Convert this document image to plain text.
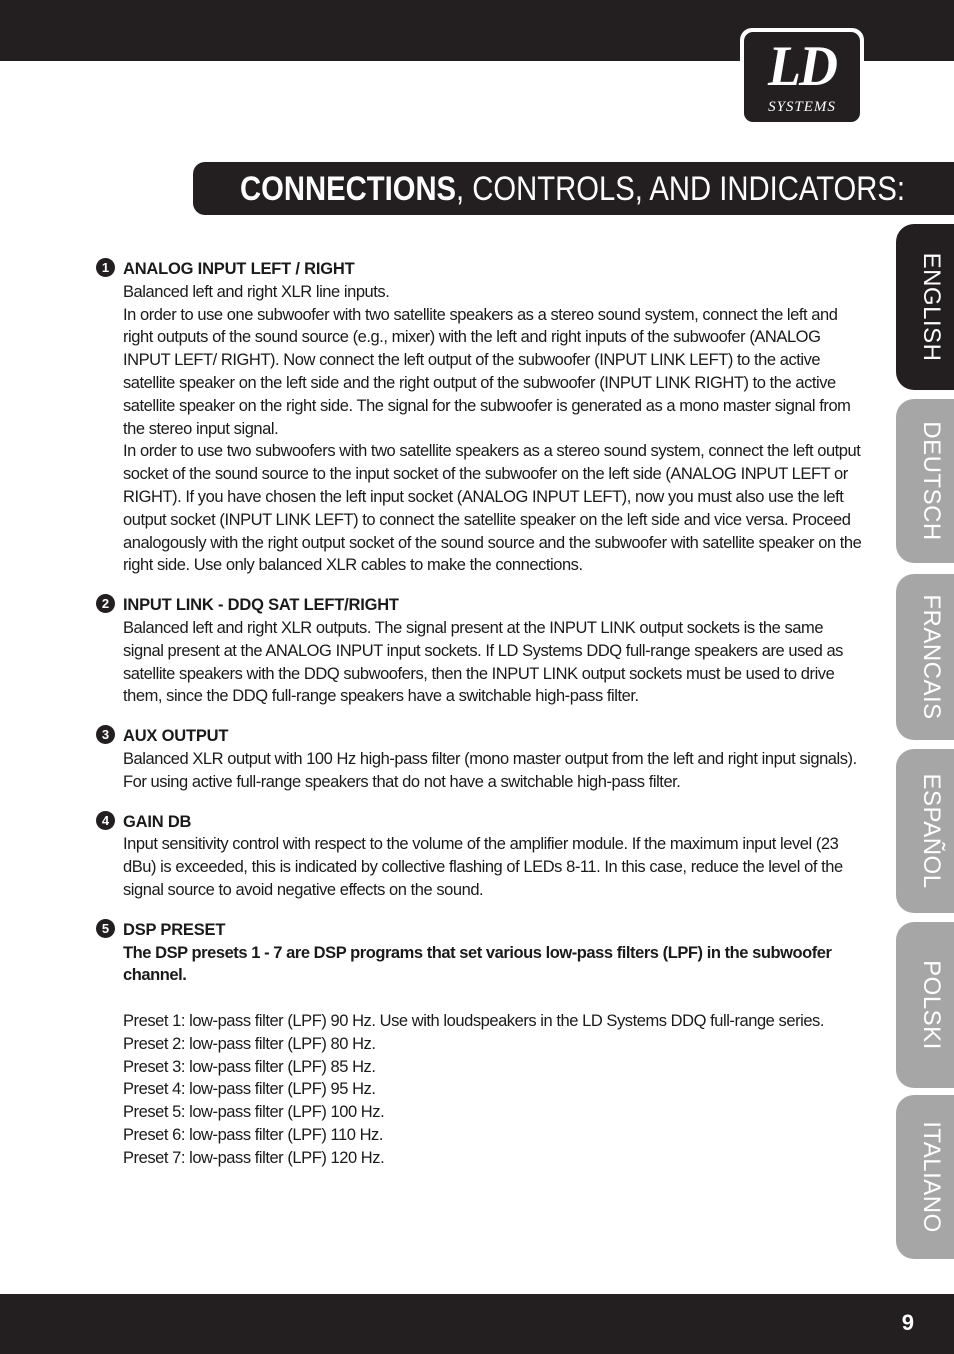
LD
SYSTEMS
CONNECTIONS, CONTROLS, AND INDICATORS:
ENGLISH
DEUTSCH
FRANCAIS
ESPAÑOL
POLSKI
ITALIANO
1 ANALOG INPUT LEFT / RIGHT

Balanced left and right XLR line inputs.

In order to use one subwoofer with two satellite speakers as a stereo sound system, connect the left and right outputs of the sound source (e.g., mixer) with the left and right inputs of the subwoofer (ANALOG INPUT LEFT/ RIGHT). Now connect the left output of the subwoofer (INPUT LINK LEFT) to the active satellite speaker on the left side and the right output of the subwoofer (INPUT LINK RIGHT) to the active satellite speaker on the right side. The signal for the subwoofer is generated as a mono master signal from the stereo input signal.

In order to use two subwoofers with two satellite speakers as a stereo sound system, connect the left output socket of the sound source to the input socket of the subwoofer on the left side (ANALOG INPUT LEFT or RIGHT). If you have chosen the left input socket (ANALOG INPUT LEFT), now you must also use the left output socket (INPUT LINK LEFT) to connect the satellite speaker on the left side and vice versa. Proceed analogously with the right output socket of the sound source and the subwoofer with satellite speaker on the right side. Use only balanced XLR cables to make the connections.

2 INPUT LINK - DDQ SAT LEFT/RIGHT

Balanced left and right XLR outputs. The signal present at the INPUT LINK output sockets is the same signal present at the ANALOG INPUT input sockets. If LD Systems DDQ full-range speakers are used as satellite speakers with the DDQ subwoofers, then the INPUT LINK output sockets must be used to drive them, since the DDQ full-range speakers have a switchable high-pass filter.

3 AUX OUTPUT

Balanced XLR output with 100 Hz high-pass filter (mono master output from the left and right input signals). For using active full-range speakers that do not have a switchable high-pass filter.

4 GAIN DB

Input sensitivity control with respect to the volume of the amplifier module. If the maximum input level (23 dBu) is exceeded, this is indicated by collective flashing of LEDs 8-11. In this case, reduce the level of the signal source to avoid negative effects on the sound.

5 DSP PRESET

The DSP presets 1 - 7 are DSP programs that set various low-pass filters (LPF) in the subwoofer channel.

Preset 1: low-pass filter (LPF) 90 Hz. Use with loudspeakers in the LD Systems DDQ full-range series.

Preset 2: low-pass filter (LPF) 80 Hz.

Preset 3: low-pass filter (LPF) 85 Hz.

Preset 4: low-pass filter (LPF) 95 Hz.

Preset 5: low-pass filter (LPF) 100 Hz.

Preset 6: low-pass filter (LPF) 110 Hz.

Preset 7: low-pass filter (LPF) 120 Hz.

9
